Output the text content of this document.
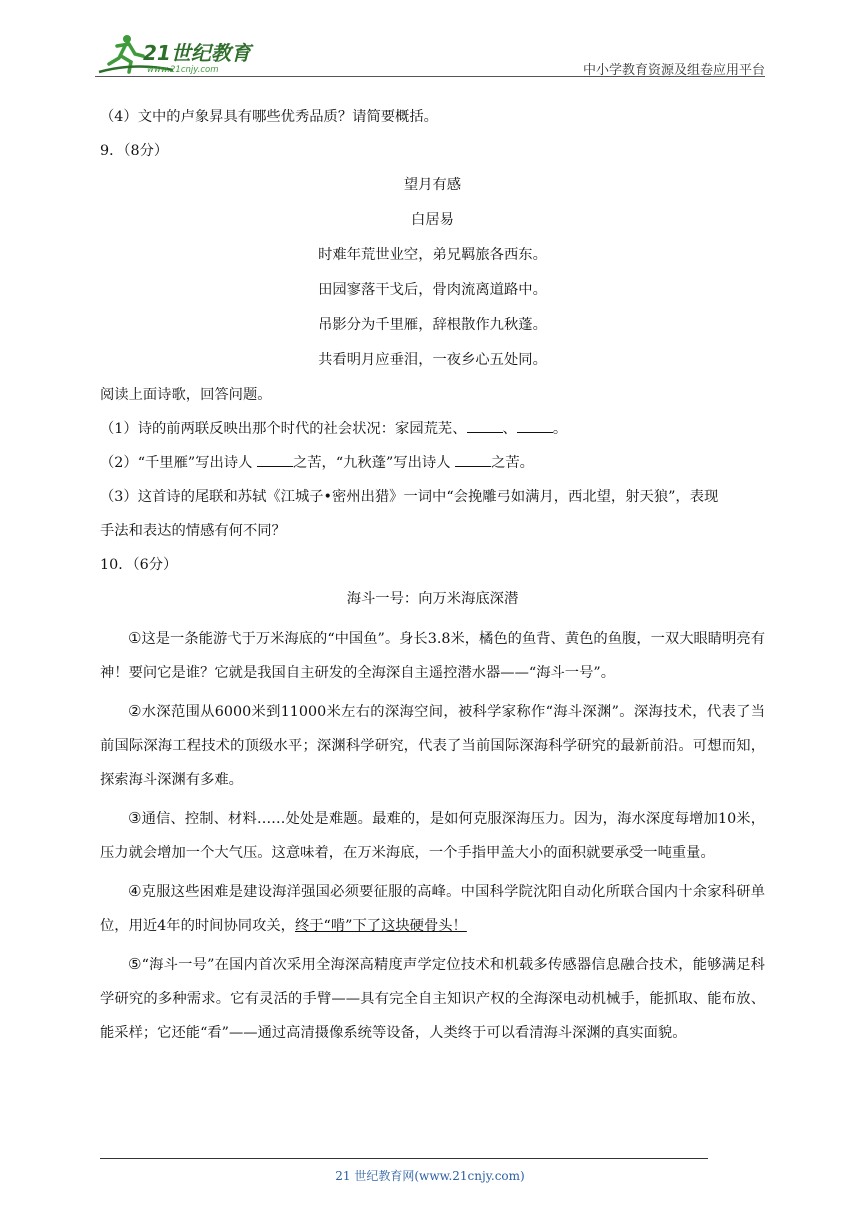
21世纪教育
www.21cnjy.com	中小学教育资源及组卷应用平台
（4）文中的卢象昇具有哪些优秀品质？请简要概括。
9．（8分）
望月有感
白居易
时难年荒世业空，弟兄羁旅各西东。
田园寥落干戈后，骨肉流离道路中。
吊影分为千里雁，辞根散作九秋蓬。
共看明月应垂泪，一夜乡心五处同。
阅读上面诗歌，回答问题。
（1）诗的前两联反映出那个时代的社会状况：家园荒芜、	、	。
（2）“千里雁”写出诗人	之苦，“九秋蓬”写出诗人	之苦。
（3）这首诗的尾联和苏轼《江城子•密州出猎》一词中“会挽雕弓如满月，西北望，射天狼”，表现
手法和表达的情感有何不同？
10．（6分）
海斗一号：向万米海底深潜

①这是一条能游弋于万米海底的“中国鱼”。身长3.8米，橘色的鱼背、黄色的鱼腹，一双大眼睛明亮有神！要问它是谁？它就是我国自主研发的全海深自主遥控潜水器——“海斗一号”。

②水深范围从6000米到11000米左右的深海空间，被科学家称作“海斗深渊”。深海技术，代表了当前国际深海工程技术的顶级水平；深渊科学研究，代表了当前国际深海科学研究的最新前沿。可想而知，探索海斗深渊有多难。

③通信、控制、材料……处处是难题。最难的，是如何克服深海压力。因为，海水深度每增加10米，压力就会增加一个大气压。这意味着，在万米海底，一个手指甲盖大小的面积就要承受一吨重量。

④克服这些困难是建设海洋强国必须要征服的高峰。中国科学院沈阳自动化所联合国内十余家科研单位，用近4年的时间协同攻关，终于“啃”下了这块硬骨头！

⑤“海斗一号”在国内首次采用全海深高精度声学定位技术和机载多传感器信息融合技术，能够满足科学研究的多种需求。它有灵活的手臂——具有完全自主知识产权的全海深电动机械手，能抓取、能布放、能采样；它还能“看”——通过高清摄像系统等设备，人类终于可以看清海斗深渊的真实面貌。

21 世纪教育网(www.21cnjy.com)
